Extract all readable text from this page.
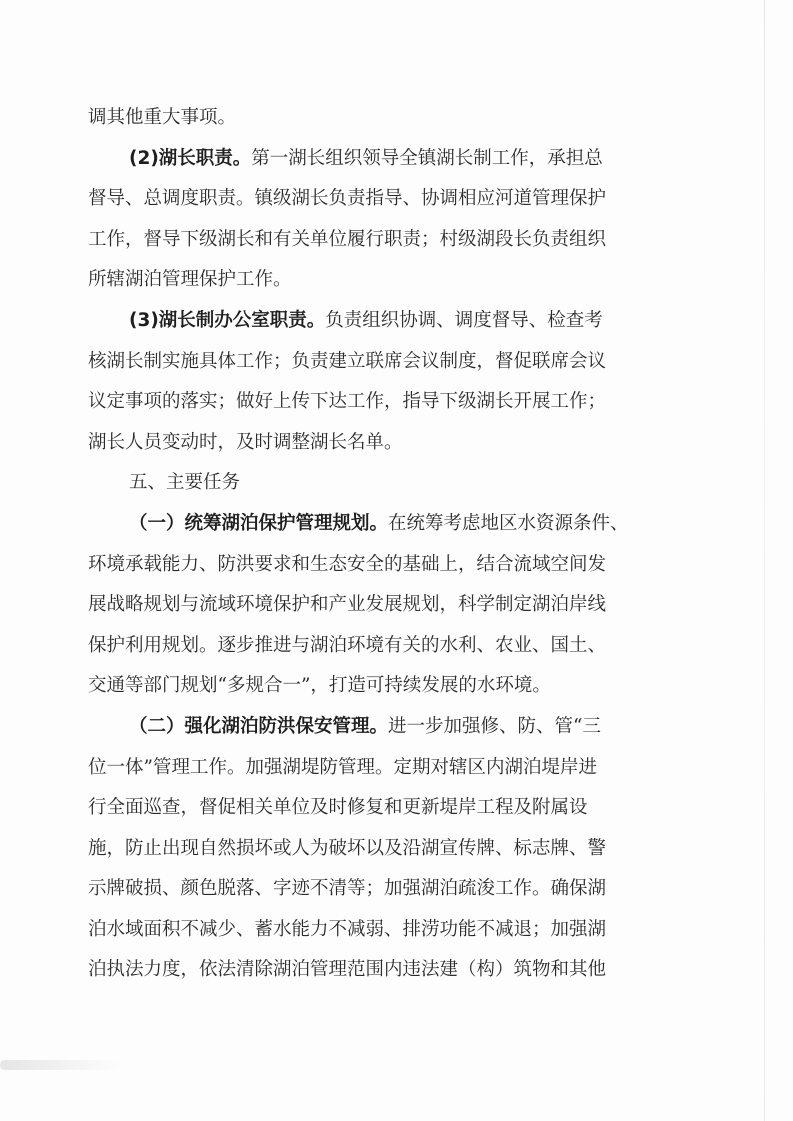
调其他重大事项。
(2)湖长职责。第一湖长组织领导全镇湖长制工作，承担总
督导、总调度职责。镇级湖长负责指导、协调相应河道管理保护
工作，督导下级湖长和有关单位履行职责；村级湖段长负责组织
所辖湖泊管理保护工作。
(3)湖长制办公室职责。负责组织协调、调度督导、检查考
核湖长制实施具体工作；负责建立联席会议制度，督促联席会议
议定事项的落实；做好上传下达工作，指导下级湖长开展工作；
湖长人员变动时，及时调整湖长名单。
五、主要任务
（一）统筹湖泊保护管理规划。在统筹考虑地区水资源条件、
环境承载能力、防洪要求和生态安全的基础上，结合流域空间发
展战略规划与流域环境保护和产业发展规划，科学制定湖泊岸线
保护利用规划。逐步推进与湖泊环境有关的水利、农业、国土、
交通等部门规划“多规合一”，打造可持续发展的水环境。
（二）强化湖泊防洪保安管理。进一步加强修、防、管“三
位一体”管理工作。加强湖堤防管理。定期对辖区内湖泊堤岸进
行全面巡查，督促相关单位及时修复和更新堤岸工程及附属设
施，防止出现自然损坏或人为破坏以及沿湖宣传牌、标志牌、警
示牌破损、颜色脱落、字迹不清等；加强湖泊疏浚工作。确保湖
泊水域面积不减少、蓄水能力不减弱、排涝功能不减退；加强湖
泊执法力度，依法清除湖泊管理范围内违法建（构）筑物和其他
